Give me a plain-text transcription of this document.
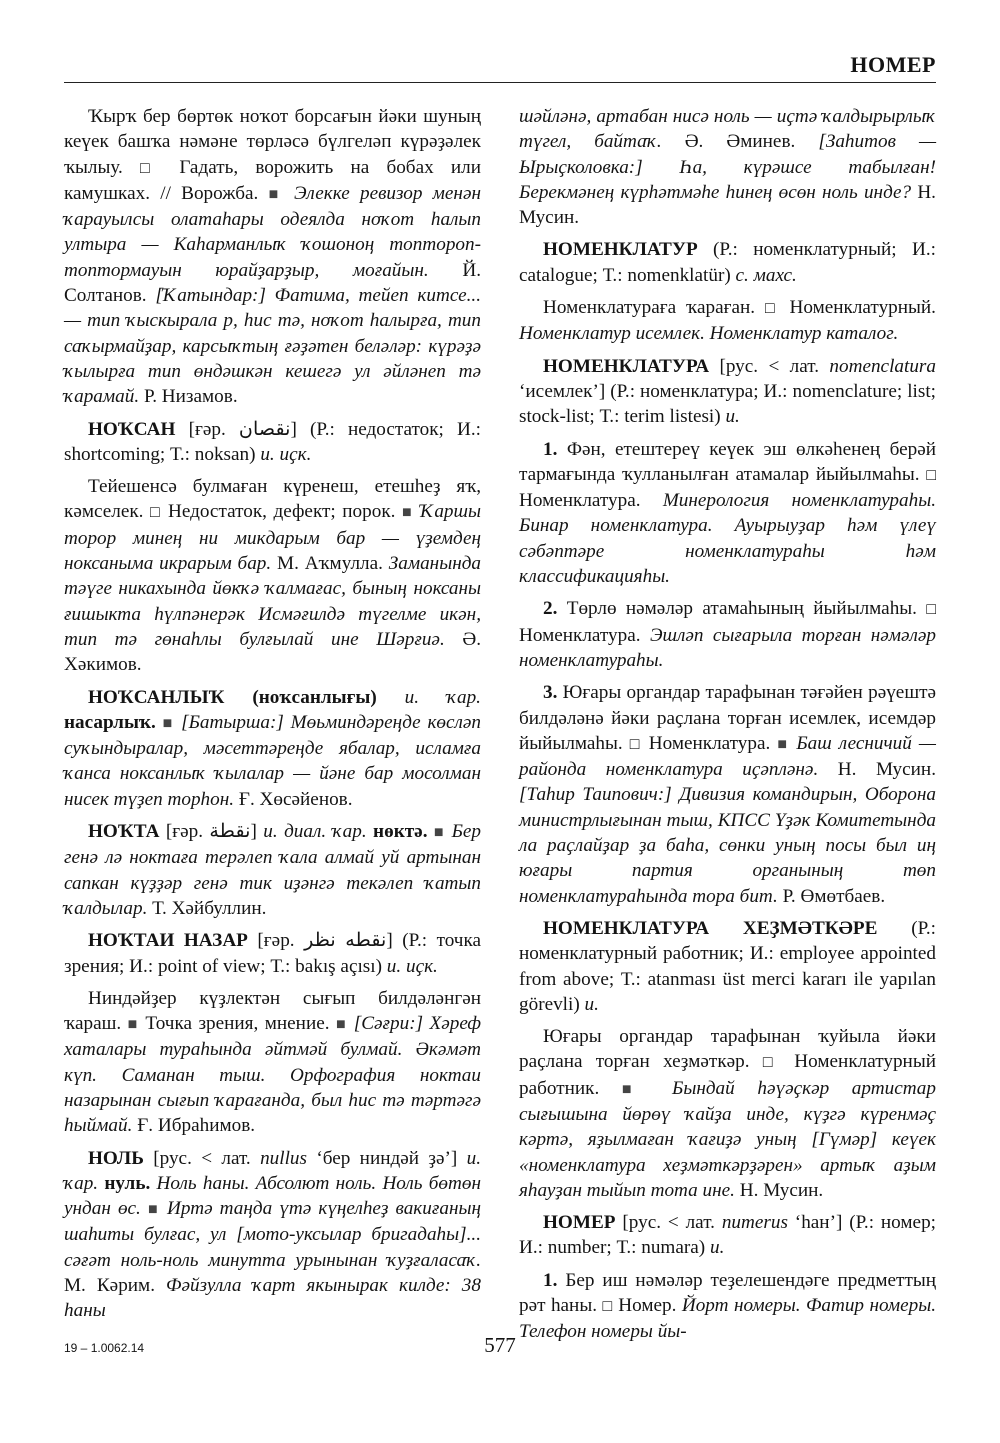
НОМЕР

Ҡырҡ бер бөртөк ноҡот борсағын йәки шуның кеүек башҡа нәмәне төрләсә бүлгеләп күрәҙәлек ҡылыу. □ Гадать, ворожить на бобах или камушках. // Ворожба. ■ Элекке ревизор менән ҡарауылсы олатаһары одеялда ноҡот һалып ултыра — Каһарманлыҡ ҡошоноң топторoп-топтормауын юрайҙарҙыр, моғайын. Й. Солтанов. [Ҡатындар:] Фатима, тейеп китсе... — тип ҡыскырала р, һис тә, ноҡот һалырға, тип саҡырмайҙар, карсыҡтың ғәҙәтен беләләр: күрәҙә ҡылырға тип өндәшкән кешегә ул әйләнеп тә ҡарамай. Р. Низамов.

НОҠСАН [ғәр. نقصان] (Р.: недостаток; И.: shortcoming; Т.: noksan) и. иҫк.

Тейешенсә булмаған күренеш, етешһеҙ яҡ, кәмселек. □ Недостаток, дефект; порок. ■ Ҡаршы торор минең ни микдарым бар — үҙемдең ноксаныма икрарым бар. М. Аҡмулла. Заманында тәүге никахында йөкҡә ҡалмағас, бының ноксаны ғишыкта һүлпәнерәк Исмәғилдә түгелме икән, тип тә гөнаһлы булғылай ине Шәрғиә. Ә. Хәкимов.

НОҠСАНЛЫҠ (ноҡсанлығы) и. ҡар. насарлыҡ. ■ [Батырша:] Мөьминдәреңде көсләп суҡындыралар, мәсеттәреңде ябалар, исламға ҡанса ноксанлыҡ ҡылалар — йәне бар мосолман нисек түҙеп торһон. Ғ. Хөсәйенов.

НОҠТА [ғәр. نقطة] и. диал. ҡар. нөктә. ■ Бер генә лә ноктаға терәлеп ҡала алмай уй артынан сапкан күҙҙәр генә тик иҙәнгә текәлеп ҡатып ҡалдылар. Т. Хәйбуллин.

НОҠТАИ НАЗАР [ғәр. نقطه نظر] (Р.: точка зрения; И.: point of view; Т.: bakış açısı) и. иҫк.

Ниндәйҙер күҙлектән сығып билдәләнгән ҡараш. ■ Точка зрения, мнение. ■ [Сәғри:] Хәреф хаталары тураһында әйтмәй булмай. Әкәмәт күп. Саманан тыш. Орфография ноктаи назарынан сығып ҡарағанда, был һис тә тәртәгә һыймай. Ғ. Ибраһимов.

НОЛЬ [рус. < лат. nullus ‘бер ниндәй ҙә’] и. ҡар. нуль. Ноль һаны. Абсолют ноль. Ноль бөтөн ундан өс. ■ Иртә таңда үтә күңелһеҙ вакиғаның шаһиты булғас, ул [мото-уксылар бригадаһы]... сәғәт ноль-ноль минутта урынынан ҡуҙғаласаҡ. М. Кәрим. Фәйзулла ҡарт якынырак килде: 38 һаны

шәйләнә, артабан нисә ноль — иҫтә ҡалдырырлыҡ түгел, байтаҡ. Ә. Әминев. [Заһитов — Ырыҫколовка:] Һа, күрәшсе табылған! Берекмәнең күрһәтмәһе һинең өсөн ноль инде? Н. Мусин.

НОМЕНКЛАТУР (Р.: номенклатурный; И.: catalogue; Т.: nomenklatür) с. махс.

Номенклатураға ҡараған. □ Номенклатурный. Номенклатур исемлек. Номенклатур каталог.

НОМЕНКЛАТУРА [рус. < лат. nomenclatura ‘исемлек’] (Р.: номенклатура; И.: nomenclature; list; stock-list; Т.: terim listesi) и.

1. Фән, етештереү кеүек эш өлкәһенең берәй тармағында ҡулланылған атамалар йыйылмаһы. □ Номенклатура. Минерология номенклатураһы. Бинар номенклатура. Ауырыуҙар һәм үлеү сәбәптәре номенклатураһы һәм классификацияһы.

2. Төрлө нәмәләр атамаһының йыйылмаһы. □ Номенклатура. Эшләп сығарыла торған нәмәләр номенклатураһы.

3. Юғары органдар тарафынан тәғәйен рәүештә билдәләнә йәки раҫлана торған исемлек, исемдәр йыйылмаһы. □ Номенклатура. ■ Баш лесничий — районда номенклатура иҫәпләнә. Н. Мусин. [Таһир Таипович:] Дивизия командирын, Оборона министрлығынан тыш, КПСС Үҙәк Комитетында ла раҫлайҙар ҙа баһа, сөнки уның посы был иң юғары партия органының төп номенклатураһында тора бит. Р. Өмөтбаев.

НОМЕНКЛАТУРА ХЕҘМӘТКӘРЕ (Р.: номенклатурный работник; И.: employee appointed from above; Т.: atanması üst merci kararı ile yapılan görevli) и.

Юғары органдар тарафынан ҡуйыла йәки раҫлана торған хеҙмәткәр. □ Номенклатурный работник. ■ Бындай һәүәҫкәр артистар сығышына йөрөү ҡайҙа инде, күҙгә күренмәҫ кәртә, яҙылмаған ҡағиҙә уның [Гүмәр] кеүек «номенклатура хеҙмәткәрҙәрен» артыҡ аҙым яһауҙан тыйып тота ине. Н. Мусин.

НОМЕР [рус. < лат. numerus ‘һан’] (Р.: номер; И.: number; Т.: numara) и.

1. Бер иш нәмәләр теҙелешендәге предметтың рәт һаны. □ Номер. Йорт номеры. Фатир номеры. Телефон номеры йы-

19 – 1.0062.14	577
